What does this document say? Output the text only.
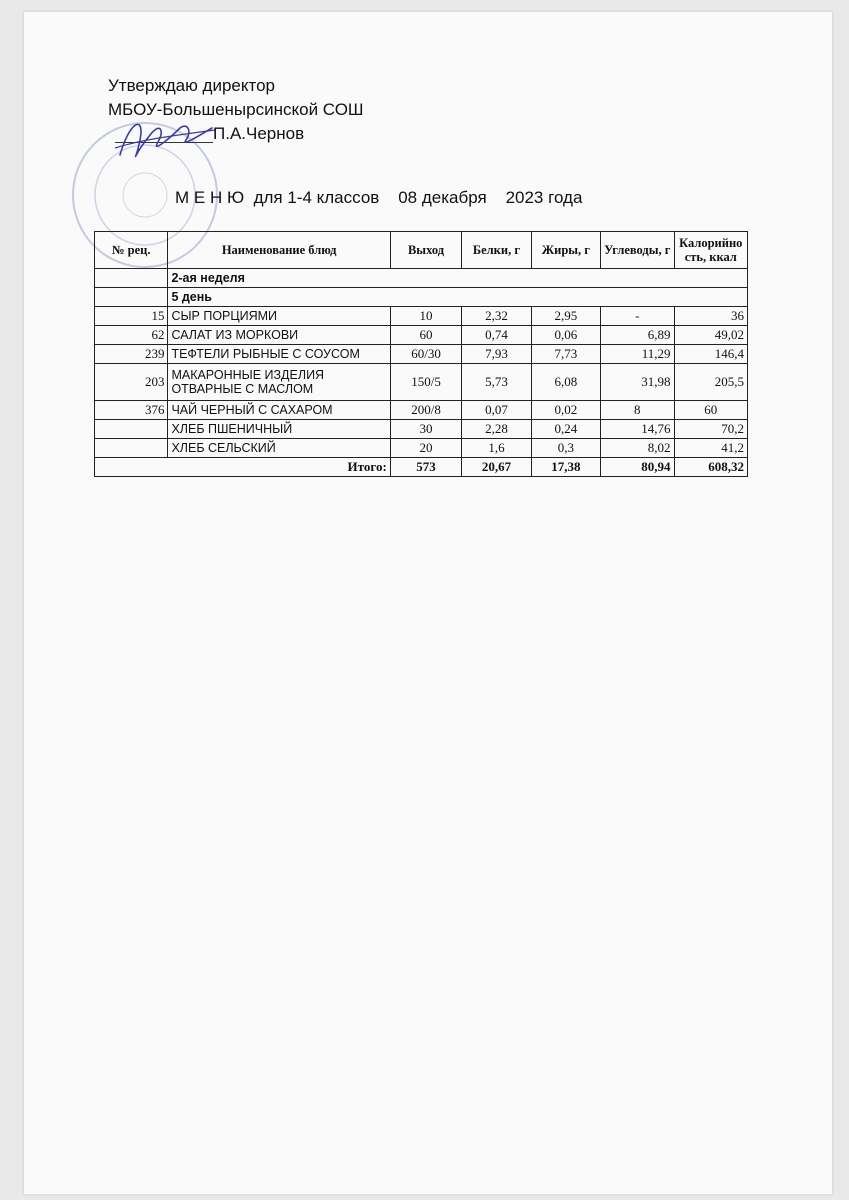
Утверждаю директор
МБОУ-Большенырсинской СОШ
П.А.Чернов
М Е Н Ю  для 1-4 классов    08 декабря    2023 года
№ рец.	Наименование блюд	Выход	Белки, г	Жиры, г	Углеводы, г	Калорийность, ккал
	2-ая неделя					
	5 день					
15	СЫР ПОРЦИЯМИ	10	2,32	2,95	-	36
62	САЛАТ ИЗ МОРКОВИ	60	0,74	0,06	6,89	49,02
239	ТЕФТЕЛИ РЫБНЫЕ С СОУСОМ	60/30	7,93	7,73	11,29	146,4
203	МАКАРОННЫЕ ИЗДЕЛИЯ ОТВАРНЫЕ С МАСЛОМ	150/5	5,73	6,08	31,98	205,5
376	ЧАЙ ЧЕРНЫЙ С САХАРОМ	200/8	0,07	0,02	8	60
	ХЛЕБ ПШЕНИЧНЫЙ	30	2,28	0,24	14,76	70,2
	ХЛЕБ СЕЛЬСКИЙ	20	1,6	0,3	8,02	41,2
Итого:		573	20,67	17,38	80,94	608,32
